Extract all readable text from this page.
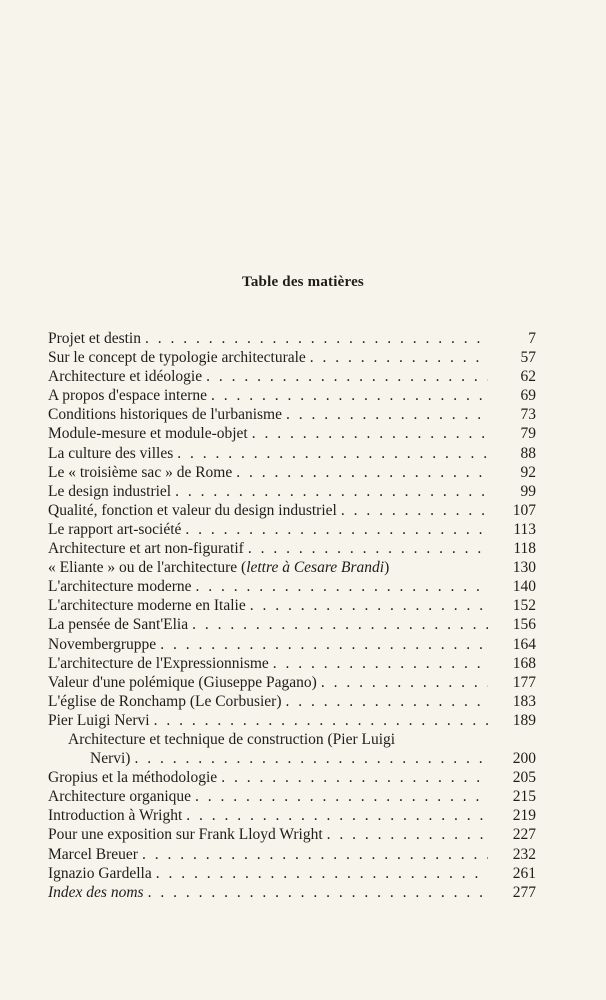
Table des matières
Projet et destin . . .	7
Sur le concept de typologie architecturale . . .	57
Architecture et idéologie . . .	62
A propos d'espace interne . . .	69
Conditions historiques de l'urbanisme . . .	73
Module-mesure et module-objet . . .	79
La culture des villes . . .	88
Le « troisième sac » de Rome . . .	92
Le design industriel . . .	99
Qualité, fonction et valeur du design industriel . . .	107
Le rapport art-société . . .	113
Architecture et art non-figuratif . . .	118
« Eliante » ou de l'architecture (lettre à Cesare Brandi)	130
L'architecture moderne . . .	140
L'architecture moderne en Italie . . .	152
La pensée de Sant'Elia . . .	156
Novembergruppe . . .	164
L'architecture de l'Expressionnisme . . .	168
Valeur d'une polémique (Giuseppe Pagano) . . .	177
L'église de Ronchamp (Le Corbusier) . . .	183
Pier Luigi Nervi . . .	189
Architecture et technique de construction (Pier Luigi
Nervi) . . .	200
Gropius et la méthodologie . . .	205
Architecture organique . . .	215
Introduction à Wright . . .	219
Pour une exposition sur Frank Lloyd Wright . . .	227
Marcel Breuer . . .	232
Ignazio Gardella . . .	261
Index des noms . . .	277
